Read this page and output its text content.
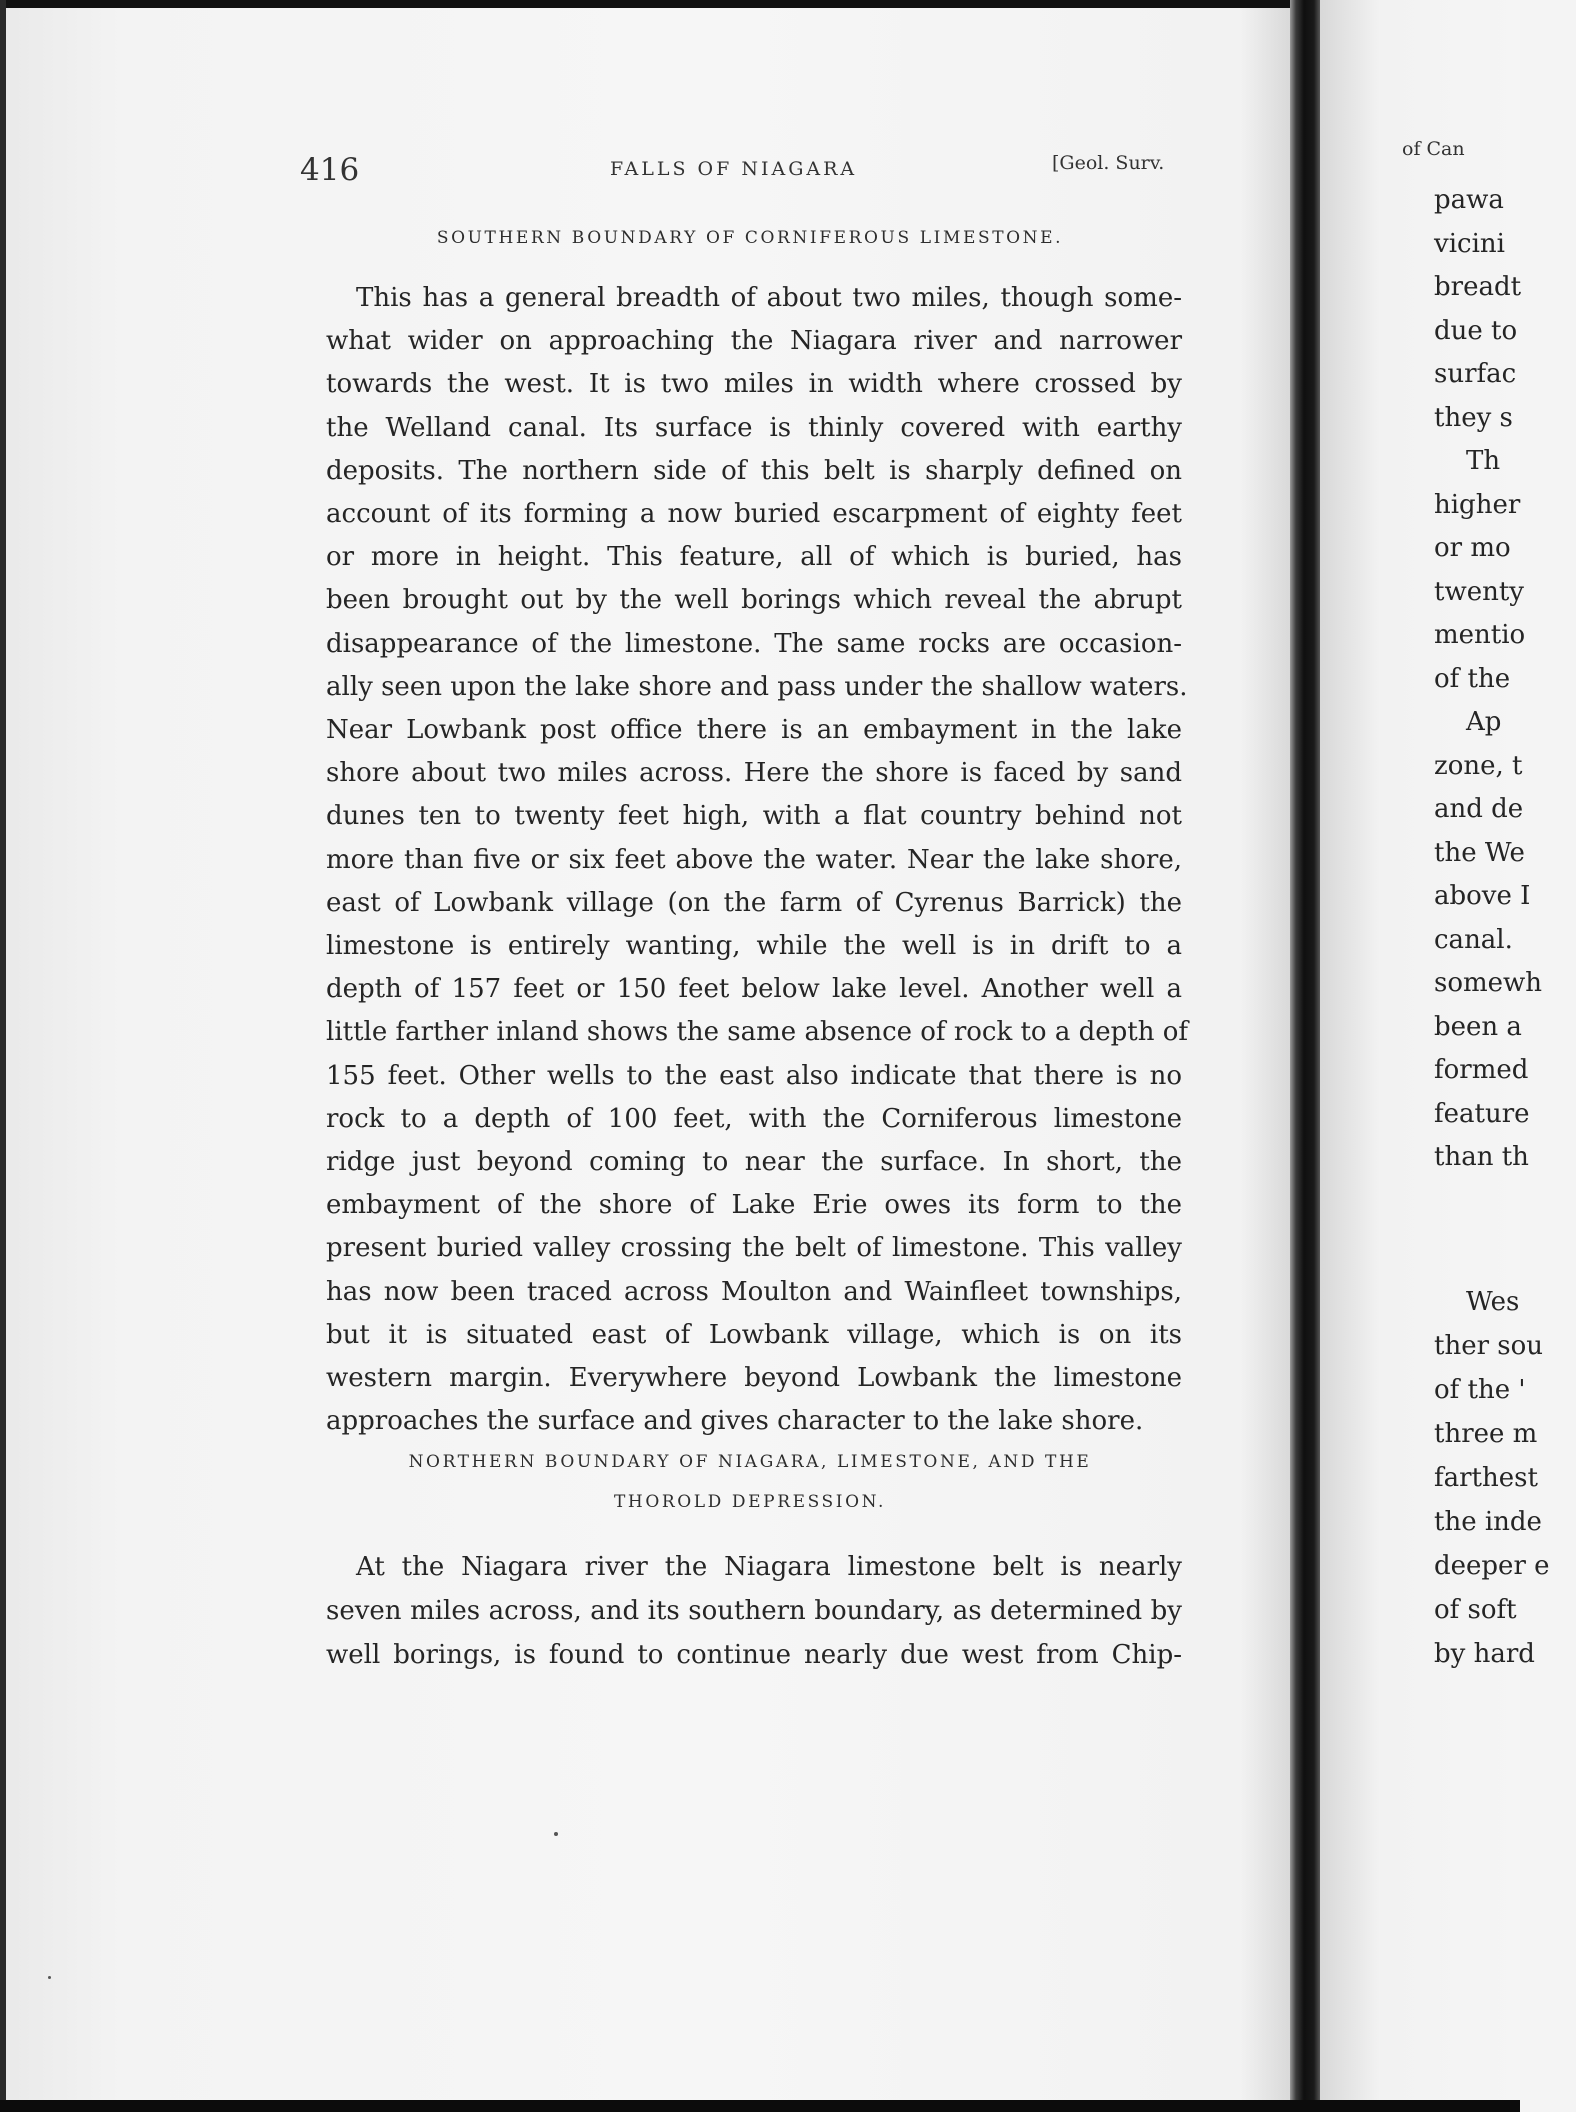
416	FALLS OF NIAGARA	[Geol. Surv.
SOUTHERN BOUNDARY OF CORNIFEROUS LIMESTONE.
This has a general breadth of about two miles, though some-
what wider on approaching the Niagara river and narrower
towards the west. It is two miles in width where crossed by
the Welland canal. Its surface is thinly covered with earthy
deposits. The northern side of this belt is sharply defined on
account of its forming a now buried escarpment of eighty feet
or more in height. This feature, all of which is buried, has
been brought out by the well borings which reveal the abrupt
disappearance of the limestone. The same rocks are occasion-
ally seen upon the lake shore and pass under the shallow waters.
Near Lowbank post office there is an embayment in the lake
shore about two miles across. Here the shore is faced by sand
dunes ten to twenty feet high, with a flat country behind not
more than five or six feet above the water. Near the lake shore,
east of Lowbank village (on the farm of Cyrenus Barrick) the
limestone is entirely wanting, while the well is in drift to a
depth of 157 feet or 150 feet below lake level. Another well a
little farther inland shows the same absence of rock to a depth of
155 feet. Other wells to the east also indicate that there is no
rock to a depth of 100 feet, with the Corniferous limestone
ridge just beyond coming to near the surface. In short, the
embayment of the shore of Lake Erie owes its form to the
present buried valley crossing the belt of limestone. This valley
has now been traced across Moulton and Wainfleet townships,
but it is situated east of Lowbank village, which is on its
western margin. Everywhere beyond Lowbank the limestone
approaches the surface and gives character to the lake shore.
NORTHERN BOUNDARY OF NIAGARA, LIMESTONE, AND THE
THOROLD DEPRESSION.
At the Niagara river the Niagara limestone belt is nearly
seven miles across, and its southern boundary, as determined by
well borings, is found to continue nearly due west from Chip-
of Can
pawa
vicini
breadt
due to
surfac
they s
Th
higher
or mo
twenty
mentio
of the
Ap
zone, t
and de
the We
above I
canal.
somewh
been a
formed
feature
than th
Wes
ther sou
of the '
three m
farthest
the inde
deeper e
of soft
by hard
